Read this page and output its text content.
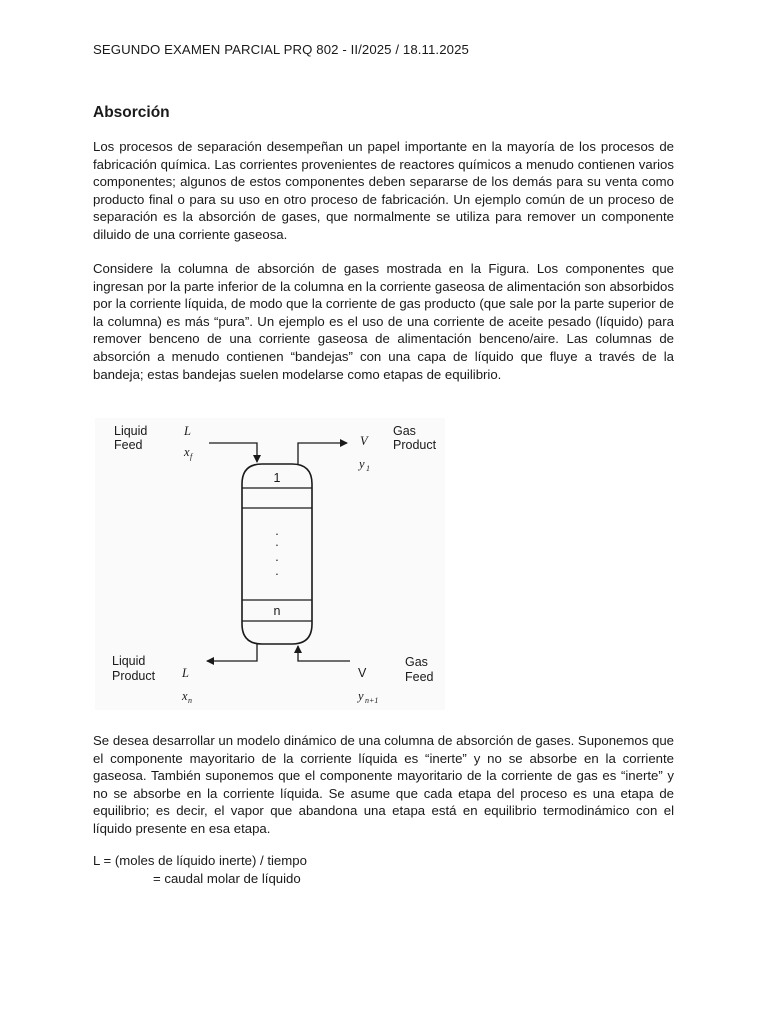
SEGUNDO EXAMEN PARCIAL PRQ 802 - II/2025 / 18.11.2025
Absorción

Los procesos de separación desempeñan un papel importante en la mayoría de los procesos de fabricación química. Las corrientes provenientes de reactores químicos a menudo contienen varios componentes; algunos de estos componentes deben separarse de los demás para su venta como producto final o para su uso en otro proceso de fabricación. Un ejemplo común de un proceso de separación es la absorción de gases, que normalmente se utiliza para remover un componente diluido de una corriente gaseosa.

Considere la columna de absorción de gases mostrada en la Figura. Los componentes que ingresan por la parte inferior de la columna en la corriente gaseosa de alimentación son absorbidos por la corriente líquida, de modo que la corriente de gas producto (que sale por la parte superior de la columna) es más “pura”. Un ejemplo es el uso de una corriente de aceite pesado (líquido) para remover benceno de una corriente gaseosa de alimentación benceno/aire. Las columnas de absorción a menudo contienen “bandejas” con una capa de líquido que fluye a través de la bandeja; estas bandejas suelen modelarse como etapas de equilibrio.

1
n
.
·
·
·
Liquid
Feed
L
x f
V
y 1
Gas
Product
Liquid
Product L
x n
V
y n+1
Gas
Feed

Se desea desarrollar un modelo dinámico de una columna de absorción de gases. Suponemos que el componente mayoritario de la corriente líquida es “inerte” y no se absorbe en la corriente gaseosa. También suponemos que el componente mayoritario de la corriente de gas es “inerte” y no se absorbe en la corriente líquida. Se asume que cada etapa del proceso es una etapa de equilibrio; es decir, el vapor que abandona una etapa está en equilibrio termodinámico con el líquido presente en esa etapa.

L = (moles de líquido inerte) / tiempo
= caudal molar de líquido
